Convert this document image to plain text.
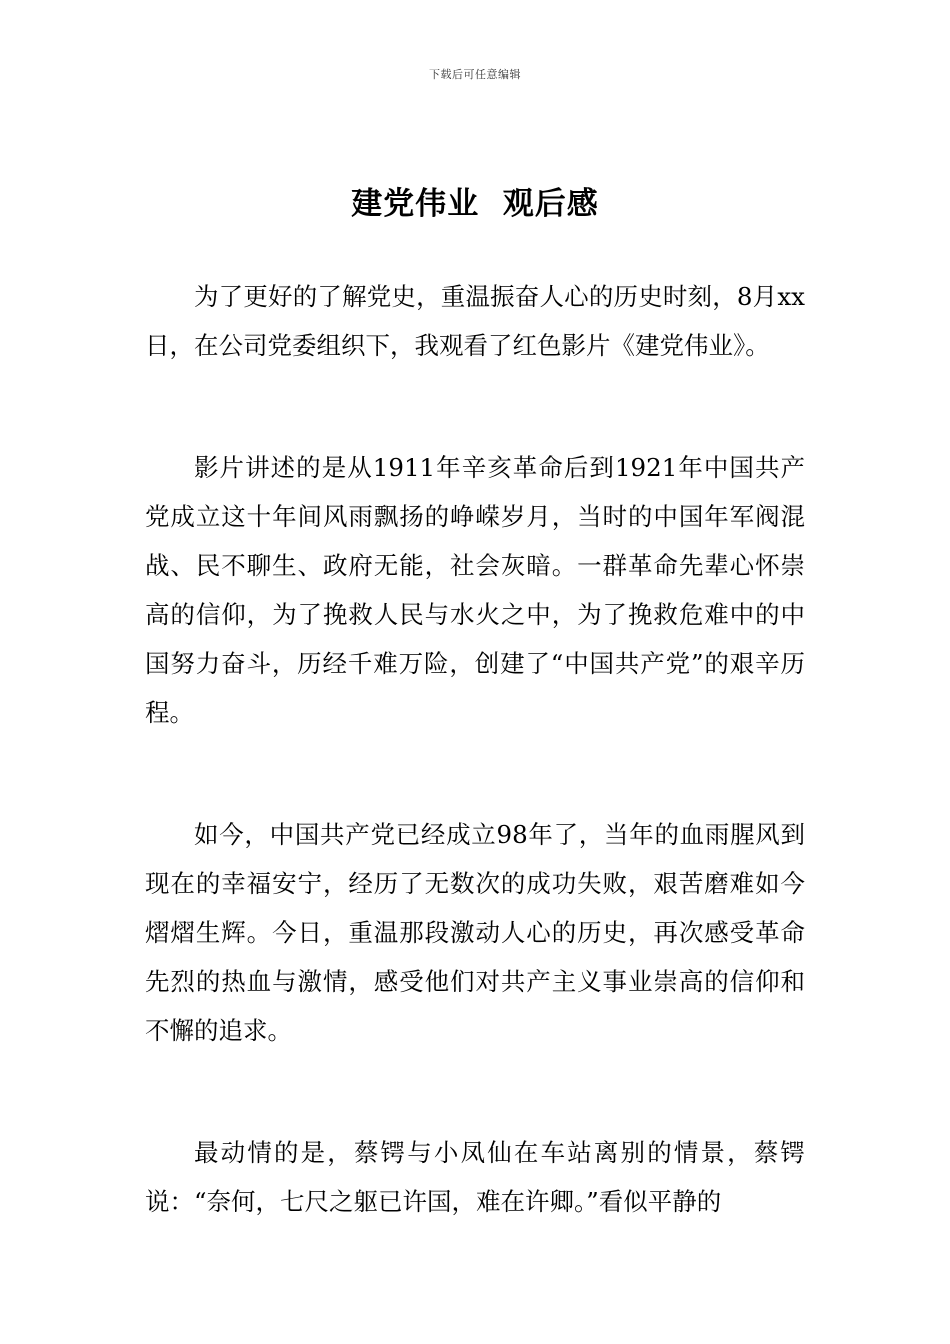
下载后可任意编辑
建党伟业  观后感

为了更好的了解党史，重温振奋人心的历史时刻，8月xx日，在公司党委组织下，我观看了红色影片《建党伟业》。

影片讲述的是从1911年辛亥革命后到1921年中国共产党成立这十年间风雨飘扬的峥嵘岁月，当时的中国年军阀混战、民不聊生、政府无能，社会灰暗。一群革命先辈心怀崇高的信仰，为了挽救人民与水火之中，为了挽救危难中的中国努力奋斗，历经千难万险，创建了“中国共产党”的艰辛历程。

如今，中国共产党已经成立98年了，当年的血雨腥风到现在的幸福安宁，经历了无数次的成功失败，艰苦磨难如今熠熠生辉。今日，重温那段激动人心的历史，再次感受革命先烈的热血与激情，感受他们对共产主义事业崇高的信仰和不懈的追求。

最动情的是，蔡锷与小凤仙在车站离别的情景，蔡锷说：“奈何，七尺之躯已许国，难在许卿。”看似平静的
